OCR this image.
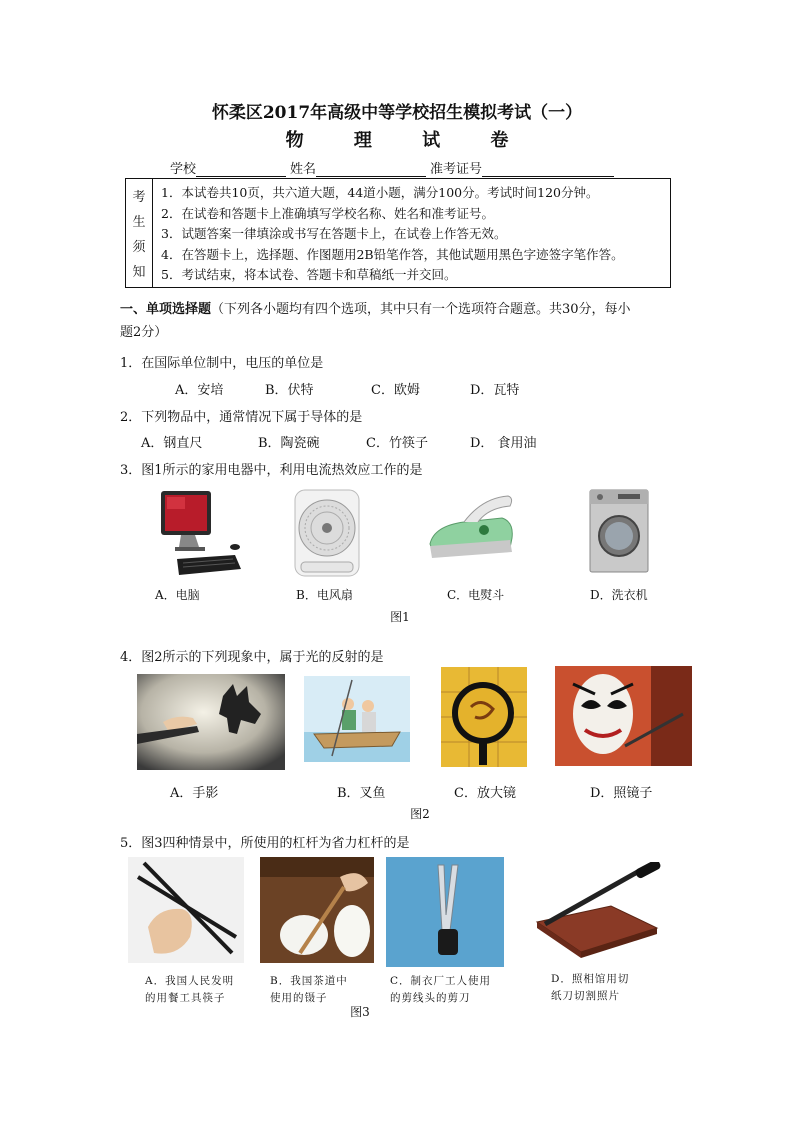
怀柔区2017年高级中等学校招生模拟考试（一）
物 理 试 卷
学校	姓名	准考证号
考
生
须
知
1．本试卷共10页，共六道大题，44道小题，满分100分。考试时间120分钟。
2．在试卷和答题卡上准确填写学校名称、姓名和准考证号。
3．试题答案一律填涂或书写在答题卡上，在试卷上作答无效。
4．在答题卡上，选择题、作图题用2B铅笔作答，其他试题用黑色字迹签字笔作答。
5．考试结束，将本试卷、答题卡和草稿纸一并交回。
一、单项选择题（下列各小题均有四个选项，其中只有一个选项符合题意。共30分，每小
题2分）
1．在国际单位制中，电压的单位是
A．安培	B．伏特	C．欧姆	D．瓦特
2．下列物品中，通常情况下属于导体的是
A．钢直尺	B．陶瓷碗	C．竹筷子	D． 食用油
3．图1所示的家用电器中，利用电流热效应工作的是
A．电脑	B．电风扇	C．电熨斗	D．洗衣机
图1
4．图2所示的下列现象中，属于光的反射的是
A．手影	B．叉鱼	C．放大镜	D．照镜子
图2
5．图3四种情景中，所使用的杠杆为省力杠杆的是
A．我国人民发明
的用餐工具筷子
B．我国茶道中
使用的镊子
C．制衣厂工人使用
的剪线头的剪刀
D．照相馆用切
纸刀切割照片
图3
